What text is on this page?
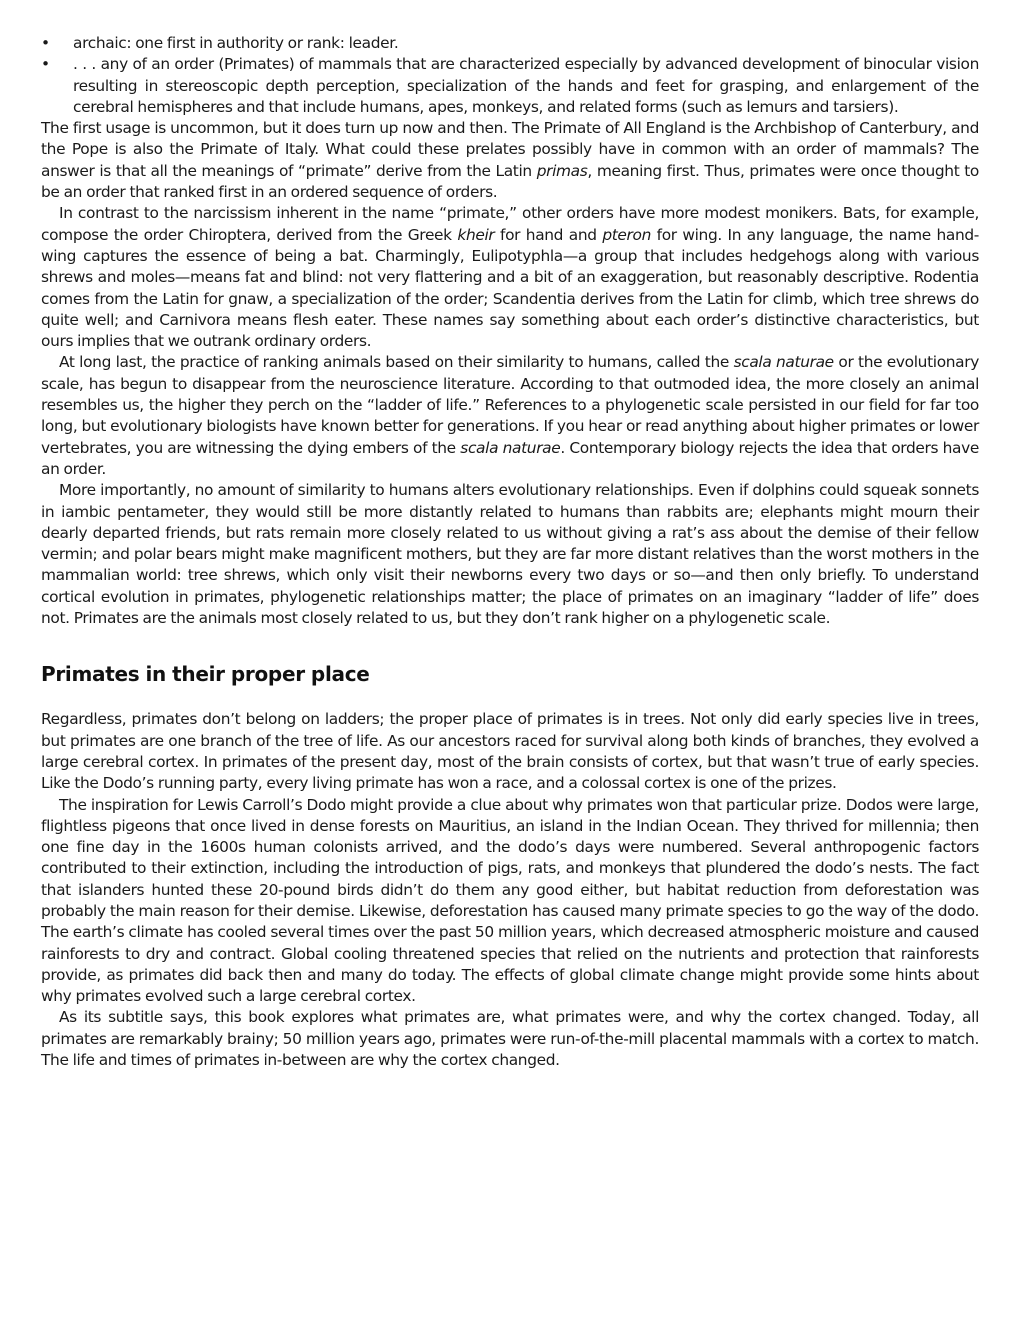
• archaic: one first in authority or rank: leader.
• . . . any of an order (Primates) of mammals that are characterized especially by advanced development of binocular vision resulting in stereoscopic depth perception, specialization of the hands and feet for grasping, and enlargement of the cerebral hemispheres and that include humans, apes, monkeys, and related forms (such as lemurs and tarsiers).

The first usage is uncommon, but it does turn up now and then. The Primate of All England is the Archbishop of Canterbury, and the Pope is also the Primate of Italy. What could these prelates possibly have in common with an order of mammals? The answer is that all the meanings of “primate” derive from the Latin primas, meaning first. Thus, primates were once thought to be an order that ranked first in an ordered sequence of orders.

In contrast to the narcissism inherent in the name “primate,” other orders have more modest monikers. Bats, for example, compose the order Chiroptera, derived from the Greek kheir for hand and pteron for wing. In any language, the name hand-wing captures the essence of being a bat. Charmingly, Eulipotyphla—a group that includes hedgehogs along with various shrews and moles—means fat and blind: not very flattering and a bit of an exaggeration, but reasonably descriptive. Rodentia comes from the Latin for gnaw, a specialization of the order; Scandentia derives from the Latin for climb, which tree shrews do quite well; and Carnivora means flesh eater. These names say something about each order’s distinctive characteristics, but ours implies that we outrank ordinary orders.

At long last, the practice of ranking animals based on their similarity to humans, called the scala naturae or the evolutionary scale, has begun to disappear from the neuroscience literature. According to that outmoded idea, the more closely an animal resembles us, the higher they perch on the “ladder of life.” References to a phylogenetic scale persisted in our field for far too long, but evolutionary biologists have known better for generations. If you hear or read anything about higher primates or lower vertebrates, you are witnessing the dying embers of the scala naturae. Contemporary biology rejects the idea that orders have an order.

More importantly, no amount of similarity to humans alters evolutionary relationships. Even if dolphins could squeak sonnets in iambic pentameter, they would still be more distantly related to humans than rabbits are; elephants might mourn their dearly departed friends, but rats remain more closely related to us without giving a rat’s ass about the demise of their fellow vermin; and polar bears might make magnificent mothers, but they are far more distant relatives than the worst mothers in the mammalian world: tree shrews, which only visit their newborns every two days or so—and then only briefly. To understand cortical evolution in primates, phylogenetic relationships matter; the place of primates on an imaginary “ladder of life” does not. Primates are the animals most closely related to us, but they don’t rank higher on a phylogenetic scale.

Primates in their proper place

Regardless, primates don’t belong on ladders; the proper place of primates is in trees. Not only did early species live in trees, but primates are one branch of the tree of life. As our ancestors raced for survival along both kinds of branches, they evolved a large cerebral cortex. In primates of the present day, most of the brain consists of cortex, but that wasn’t true of early species. Like the Dodo’s running party, every living primate has won a race, and a colossal cortex is one of the prizes.

The inspiration for Lewis Carroll’s Dodo might provide a clue about why primates won that particular prize. Dodos were large, flightless pigeons that once lived in dense forests on Mauritius, an island in the Indian Ocean. They thrived for millennia; then one fine day in the 1600s human colonists arrived, and the dodo’s days were numbered. Several anthropogenic factors contributed to their extinction, including the introduction of pigs, rats, and monkeys that plundered the dodo’s nests. The fact that islanders hunted these 20-pound birds didn’t do them any good either, but habitat reduction from deforestation was probably the main reason for their demise. Likewise, deforestation has caused many primate species to go the way of the dodo. The earth’s climate has cooled several times over the past 50 million years, which decreased atmospheric moisture and caused rainforests to dry and contract. Global cooling threatened species that relied on the nutrients and protection that rainforests provide, as primates did back then and many do today. The effects of global climate change might provide some hints about why primates evolved such a large cerebral cortex.

As its subtitle says, this book explores what primates are, what primates were, and why the cortex changed. Today, all primates are remarkably brainy; 50 million years ago, primates were run-of-the-mill placental mammals with a cortex to match. The life and times of primates in-between are why the cortex changed.
